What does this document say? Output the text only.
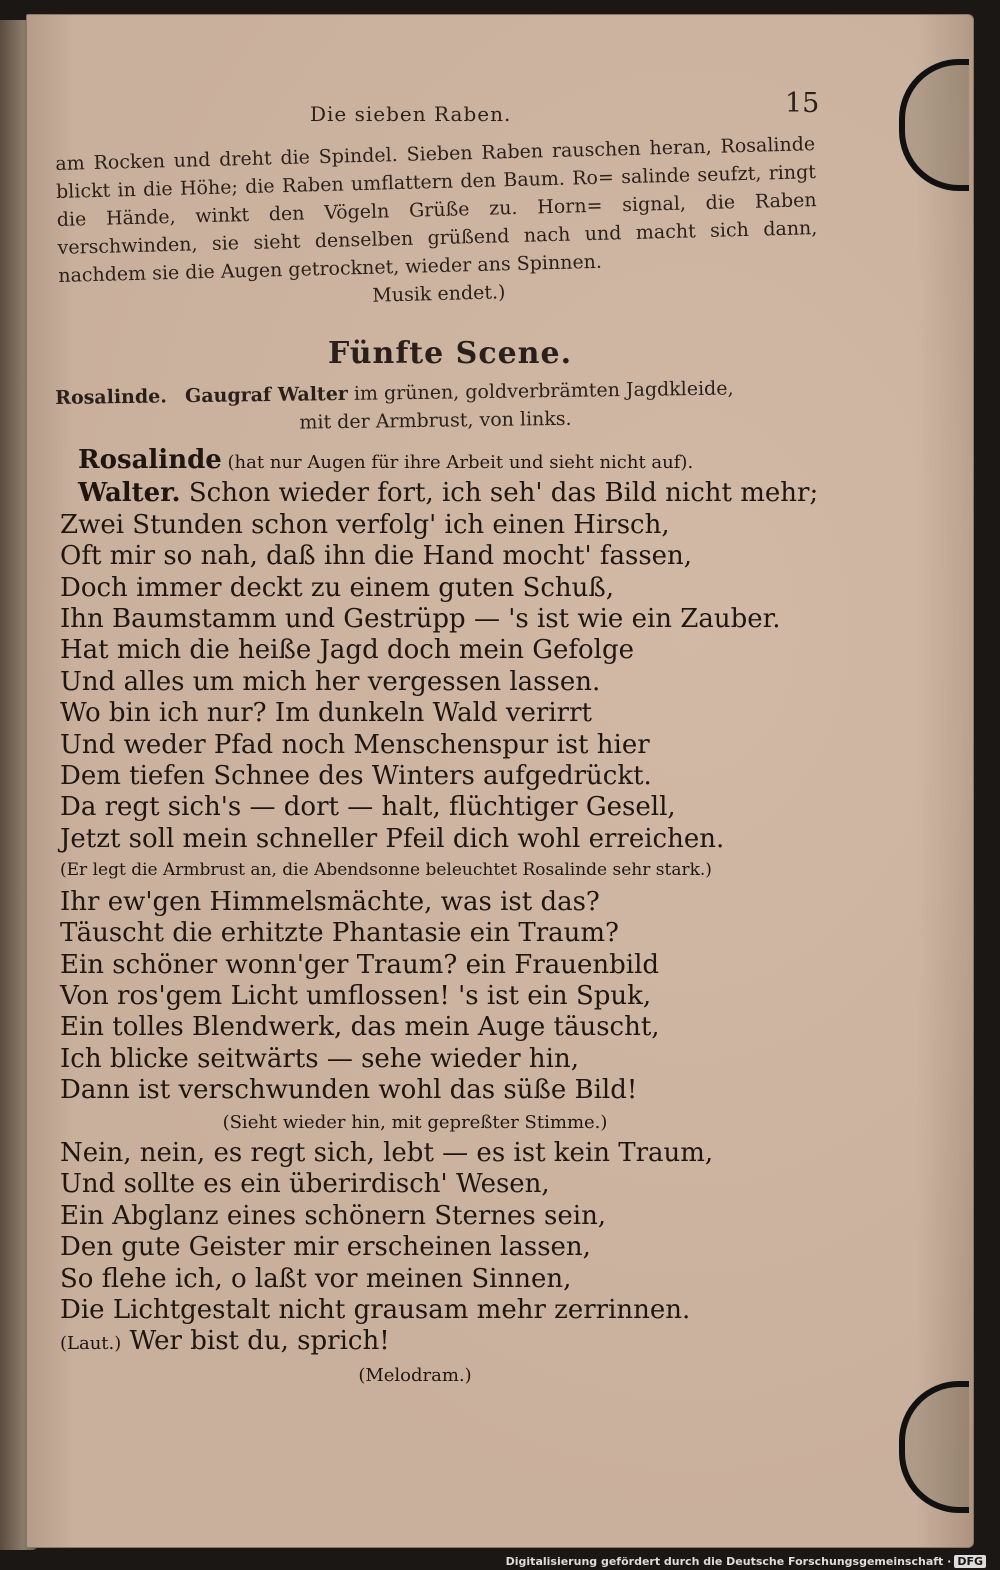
Die sieben Raben.	15
am Rocken und dreht die Spindel. Sieben Raben rauschen heran, Rosalinde blickt in die Höhe; die Raben umflattern den Baum. Ro= salinde seufzt, ringt die Hände, winkt den Vögeln Grüße zu. Horn= signal, die Raben verschwinden, sie sieht denselben grüßend nach und macht sich dann, nachdem sie die Augen getrocknet, wieder ans Spinnen.
Musik endet.)
Fünfte Scene.
Rosalinde. Gaugraf Walter im grünen, goldverbrämten Jagdkleide,
mit der Armbrust, von links.
Rosalinde (hat nur Augen für ihre Arbeit und sieht nicht auf).
Walter. Schon wieder fort, ich seh' das Bild nicht mehr;
Zwei Stunden schon verfolg' ich einen Hirsch,
Oft mir so nah, daß ihn die Hand mocht' fassen,
Doch immer deckt zu einem guten Schuß,
Ihn Baumstamm und Gestrüpp — 's ist wie ein Zauber.
Hat mich die heiße Jagd doch mein Gefolge
Und alles um mich her vergessen lassen.
Wo bin ich nur? Im dunkeln Wald verirrt
Und weder Pfad noch Menschenspur ist hier
Dem tiefen Schnee des Winters aufgedrückt.
Da regt sich's — dort — halt, flüchtiger Gesell,
Jetzt soll mein schneller Pfeil dich wohl erreichen.
(Er legt die Armbrust an, die Abendsonne beleuchtet Rosalinde sehr stark.)
Ihr ew'gen Himmelsmächte, was ist das?
Täuscht die erhitzte Phantasie ein Traum?
Ein schöner wonn'ger Traum? ein Frauenbild
Von ros'gem Licht umflossen! 's ist ein Spuk,
Ein tolles Blendwerk, das mein Auge täuscht,
Ich blicke seitwärts — sehe wieder hin,
Dann ist verschwunden wohl das süße Bild!
(Sieht wieder hin, mit gepreßter Stimme.)
Nein, nein, es regt sich, lebt — es ist kein Traum,
Und sollte es ein überirdisch' Wesen,
Ein Abglanz eines schönern Sternes sein,
Den gute Geister mir erscheinen lassen,
So flehe ich, o laßt vor meinen Sinnen,
Die Lichtgestalt nicht grausam mehr zerrinnen.
(Laut.) Wer bist du, sprich!
(Melodram.)
Digitalisierung gefördert durch die Deutsche Forschungsgemeinschaft · DFG
